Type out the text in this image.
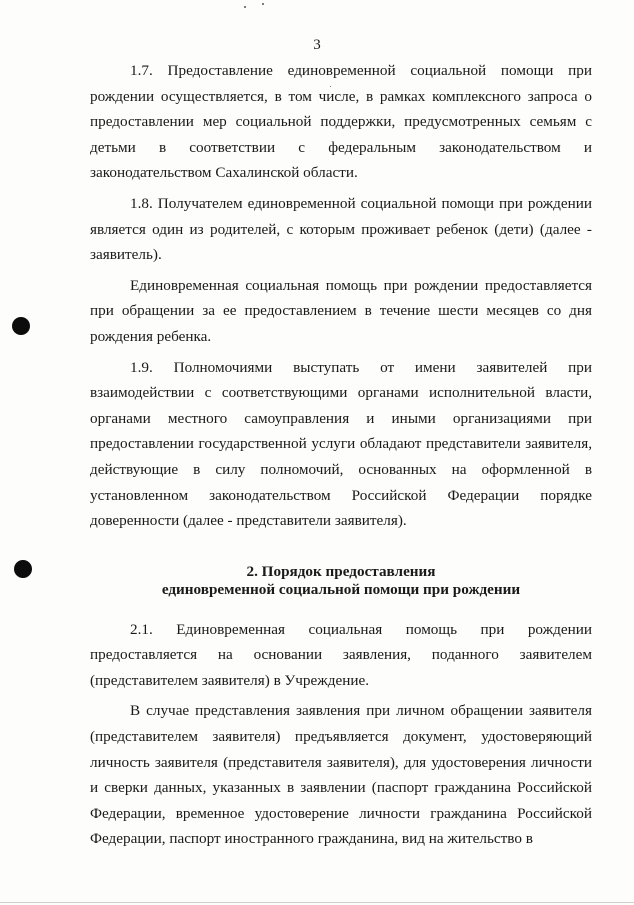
3

1.7. Предоставление единовременной социальной помощи при рождении осуществляется, в том числе, в рамках комплексного запроса о предоставлении мер социальной поддержки, предусмотренных семьям с детьми в соответствии с федеральным законодательством и законодательством Сахалинской области.

1.8. Получателем единовременной социальной помощи при рождении является один из родителей, с которым проживает ребенок (дети) (далее - заявитель).

Единовременная социальная помощь при рождении предоставляется при обращении за ее предоставлением в течение шести месяцев со дня рождения ребенка.

1.9. Полномочиями выступать от имени заявителей при взаимодействии с соответствующими органами исполнительной власти, органами местного самоуправления и иными организациями при предоставлении государственной услуги обладают представители заявителя, действующие в силу полномочий, основанных на оформленной в установленном законодательством Российской Федерации порядке доверенности (далее - представители заявителя).

2. Порядок предоставления

единовременной социальной помощи при рождении

2.1. Единовременная социальная помощь при рождении предоставляется на основании заявления, поданного заявителем (представителем заявителя) в Учреждение.

В случае представления заявления при личном обращении заявителя (представителем заявителя) предъявляется документ, удостоверяющий личность заявителя (представителя заявителя), для удостоверения личности и сверки данных, указанных в заявлении (паспорт гражданина Российской Федерации, временное удостоверение личности гражданина Российской Федерации, паспорт иностранного гражданина, вид на жительство в
